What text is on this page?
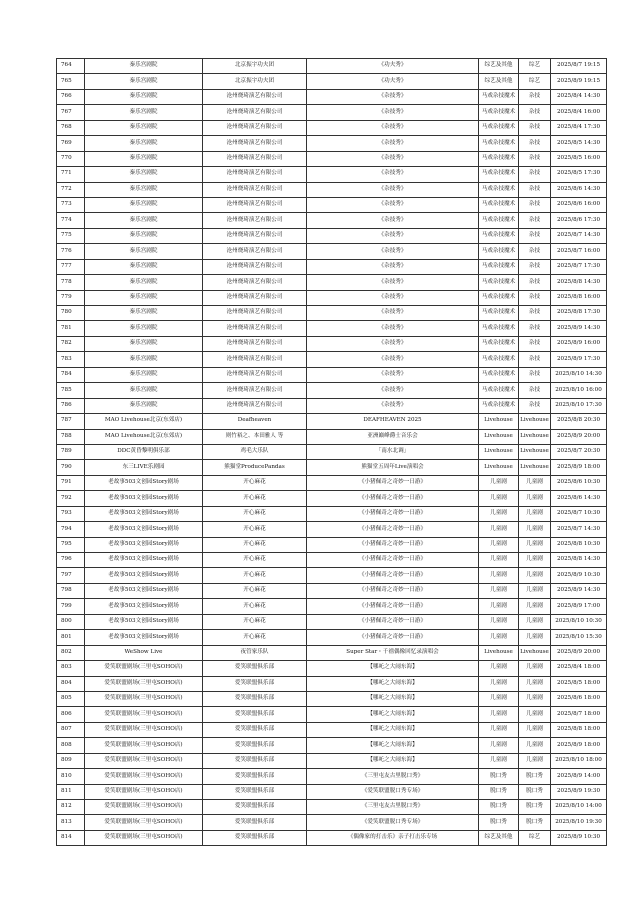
764	秦乐宫剧院	北京振宇功夫团	《功夫秀》	综艺及其他	综艺	2025/8/7 19:15
765	秦乐宫剧院	北京振宇功夫团	《功夫秀》	综艺及其他	综艺	2025/8/9 19:15
766	秦乐宫剧院	沧州烧琦演艺有限公司	《杂技秀》	马戏杂技魔术	杂技	2025/8/4 14:30
767	秦乐宫剧院	沧州烧琦演艺有限公司	《杂技秀》	马戏杂技魔术	杂技	2025/8/4 16:00
768	秦乐宫剧院	沧州烧琦演艺有限公司	《杂技秀》	马戏杂技魔术	杂技	2025/8/4 17:30
769	秦乐宫剧院	沧州烧琦演艺有限公司	《杂技秀》	马戏杂技魔术	杂技	2025/8/5 14:30
770	秦乐宫剧院	沧州烧琦演艺有限公司	《杂技秀》	马戏杂技魔术	杂技	2025/8/5 16:00
771	秦乐宫剧院	沧州烧琦演艺有限公司	《杂技秀》	马戏杂技魔术	杂技	2025/8/5 17:30
772	秦乐宫剧院	沧州烧琦演艺有限公司	《杂技秀》	马戏杂技魔术	杂技	2025/8/6 14:30
773	秦乐宫剧院	沧州烧琦演艺有限公司	《杂技秀》	马戏杂技魔术	杂技	2025/8/6 16:00
774	秦乐宫剧院	沧州烧琦演艺有限公司	《杂技秀》	马戏杂技魔术	杂技	2025/8/6 17:30
775	秦乐宫剧院	沧州烧琦演艺有限公司	《杂技秀》	马戏杂技魔术	杂技	2025/8/7 14:30
776	秦乐宫剧院	沧州烧琦演艺有限公司	《杂技秀》	马戏杂技魔术	杂技	2025/8/7 16:00
777	秦乐宫剧院	沧州烧琦演艺有限公司	《杂技秀》	马戏杂技魔术	杂技	2025/8/7 17:30
778	秦乐宫剧院	沧州烧琦演艺有限公司	《杂技秀》	马戏杂技魔术	杂技	2025/8/8 14:30
779	秦乐宫剧院	沧州烧琦演艺有限公司	《杂技秀》	马戏杂技魔术	杂技	2025/8/8 16:00
780	秦乐宫剧院	沧州烧琦演艺有限公司	《杂技秀》	马戏杂技魔术	杂技	2025/8/8 17:30
781	秦乐宫剧院	沧州烧琦演艺有限公司	《杂技秀》	马戏杂技魔术	杂技	2025/8/9 14:30
782	秦乐宫剧院	沧州烧琦演艺有限公司	《杂技秀》	马戏杂技魔术	杂技	2025/8/9 16:00
783	秦乐宫剧院	沧州烧琦演艺有限公司	《杂技秀》	马戏杂技魔术	杂技	2025/8/9 17:30
784	秦乐宫剧院	沧州烧琦演艺有限公司	《杂技秀》	马戏杂技魔术	杂技	2025/8/10 14:30
785	秦乐宫剧院	沧州烧琦演艺有限公司	《杂技秀》	马戏杂技魔术	杂技	2025/8/10 16:00
786	秦乐宫剧院	沧州烧琦演艺有限公司	《杂技秀》	马戏杂技魔术	杂技	2025/8/10 17:30
787	MAO Livehouse北京(东郊店)	Deafheaven	DEAFHEAVEN 2025	Livehouse	Livehouse	2025/8/8 20:30
788	MAO Livehouse北京(东郊店)	则竹裕之、本田雅人 等	亚洲巅峰爵士音乐会	Livehouse	Livehouse	2025/8/9 20:00
789	DDC黄昏黎明俱乐部	鸡毛大乐队	「南水北调」	Livehouse	Livehouse	2025/8/7 20:30
790	东三LIVE乐剧园	熊猫堂ProducePandas	熊猫堂五周年Live演唱会	Livehouse	Livehouse	2025/8/9 18:00
791	老故事503文创园Story剧场	开心麻花	《小猪佩奇之奇妙一日游》	儿童剧	儿童剧	2025/8/6 10:30
792	老故事503文创园Story剧场	开心麻花	《小猪佩奇之奇妙一日游》	儿童剧	儿童剧	2025/8/6 14:30
793	老故事503文创园Story剧场	开心麻花	《小猪佩奇之奇妙一日游》	儿童剧	儿童剧	2025/8/7 10:30
794	老故事503文创园Story剧场	开心麻花	《小猪佩奇之奇妙一日游》	儿童剧	儿童剧	2025/8/7 14:30
795	老故事503文创园Story剧场	开心麻花	《小猪佩奇之奇妙一日游》	儿童剧	儿童剧	2025/8/8 10:30
796	老故事503文创园Story剧场	开心麻花	《小猪佩奇之奇妙一日游》	儿童剧	儿童剧	2025/8/8 14:30
797	老故事503文创园Story剧场	开心麻花	《小猪佩奇之奇妙一日游》	儿童剧	儿童剧	2025/8/9 10:30
798	老故事503文创园Story剧场	开心麻花	《小猪佩奇之奇妙一日游》	儿童剧	儿童剧	2025/8/9 14:30
799	老故事503文创园Story剧场	开心麻花	《小猪佩奇之奇妙一日游》	儿童剧	儿童剧	2025/8/9 17:00
800	老故事503文创园Story剧场	开心麻花	《小猪佩奇之奇妙一日游》	儿童剧	儿童剧	2025/8/10 10:30
801	老故事503文创园Story剧场	开心麻花	《小猪佩奇之奇妙一日游》	儿童剧	儿童剧	2025/8/10 15:30
802	WeShow Live	夜管家乐队	Super Star・千禧偶像回忆录演唱会	Livehouse	Livehouse	2025/8/9 20:00
803	爱笑联盟剧场(三里屯SOHO店)	爱笑联盟俱乐部	【哪吒之大闹东海】	儿童剧	儿童剧	2025/8/4 18:00
804	爱笑联盟剧场(三里屯SOHO店)	爱笑联盟俱乐部	【哪吒之大闹东海】	儿童剧	儿童剧	2025/8/5 18:00
805	爱笑联盟剧场(三里屯SOHO店)	爱笑联盟俱乐部	【哪吒之大闹东海】	儿童剧	儿童剧	2025/8/6 18:00
806	爱笑联盟剧场(三里屯SOHO店)	爱笑联盟俱乐部	【哪吒之大闹东海】	儿童剧	儿童剧	2025/8/7 18:00
807	爱笑联盟剧场(三里屯SOHO店)	爱笑联盟俱乐部	【哪吒之大闹东海】	儿童剧	儿童剧	2025/8/8 18:00
808	爱笑联盟剧场(三里屯SOHO店)	爱笑联盟俱乐部	【哪吒之大闹东海】	儿童剧	儿童剧	2025/8/9 18:00
809	爱笑联盟剧场(三里屯SOHO店)	爱笑联盟俱乐部	【哪吒之大闹东海】	儿童剧	儿童剧	2025/8/10 18:00
810	爱笑联盟剧场(三里屯SOHO店)	爱笑联盟俱乐部	《三里屯友古里脱口秀》	脱口秀	脱口秀	2025/8/9 14:00
811	爱笑联盟剧场(三里屯SOHO店)	爱笑联盟俱乐部	《爱笑联盟脱口秀专场》	脱口秀	脱口秀	2025/8/9 19:30
812	爱笑联盟剧场(三里屯SOHO店)	爱笑联盟俱乐部	《三里屯友古里脱口秀》	脱口秀	脱口秀	2025/8/10 14:00
813	爱笑联盟剧场(三里屯SOHO店)	爱笑联盟俱乐部	《爱笑联盟脱口秀专场》	脱口秀	脱口秀	2025/8/10 19:30
814	爱笑联盟剧场(三里屯SOHO店)	爱笑联盟俱乐部	《偶像家的打击乐》亲子打击乐专场	综艺及其他	综艺	2025/8/9 10:30
